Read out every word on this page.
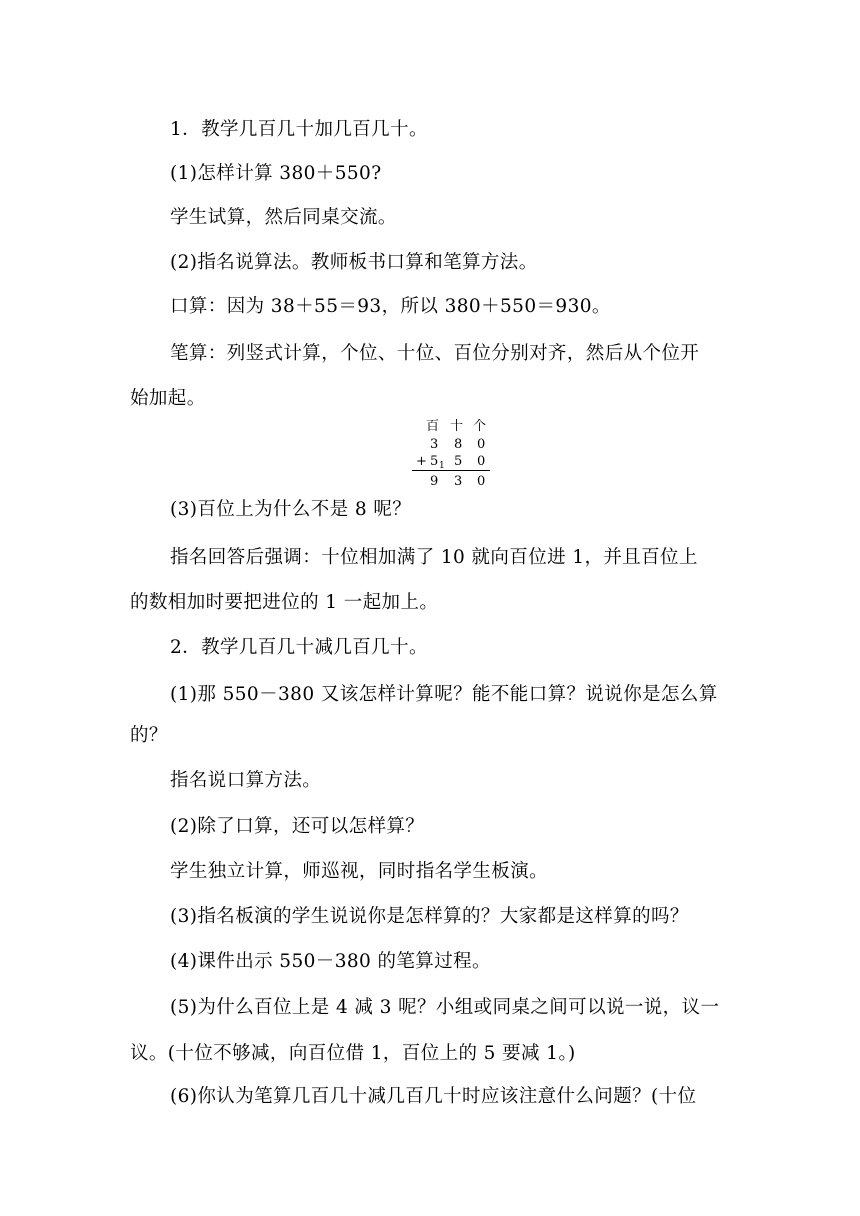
1．教学几百几十加几百几十。
(1)怎样计算 380＋550?
学生试算，然后同桌交流。
(2)指名说算法。教师板书口算和笔算方法。
口算：因为 38＋55＝93，所以 380＋550＝930。
笔算：列竖式计算，个位、十位、百位分别对齐，然后从个位开
始加起。
百 十 个
3 8 0
+ 5 1 5 0
9 3 0
(3)百位上为什么不是 8 呢？
指名回答后强调：十位相加满了 10 就向百位进 1，并且百位上
的数相加时要把进位的 1 一起加上。
2．教学几百几十减几百几十。
(1)那 550－380 又该怎样计算呢？能不能口算？说说你是怎么算
的？
指名说口算方法。
(2)除了口算，还可以怎样算？
学生独立计算，师巡视，同时指名学生板演。
(3)指名板演的学生说说你是怎样算的？大家都是这样算的吗？
(4)课件出示 550－380 的笔算过程。
(5)为什么百位上是 4 减 3 呢？小组或同桌之间可以说一说，议一
议。(十位不够减，向百位借 1，百位上的 5 要减 1。)
(6)你认为笔算几百几十减几百几十时应该注意什么问题？(十位
